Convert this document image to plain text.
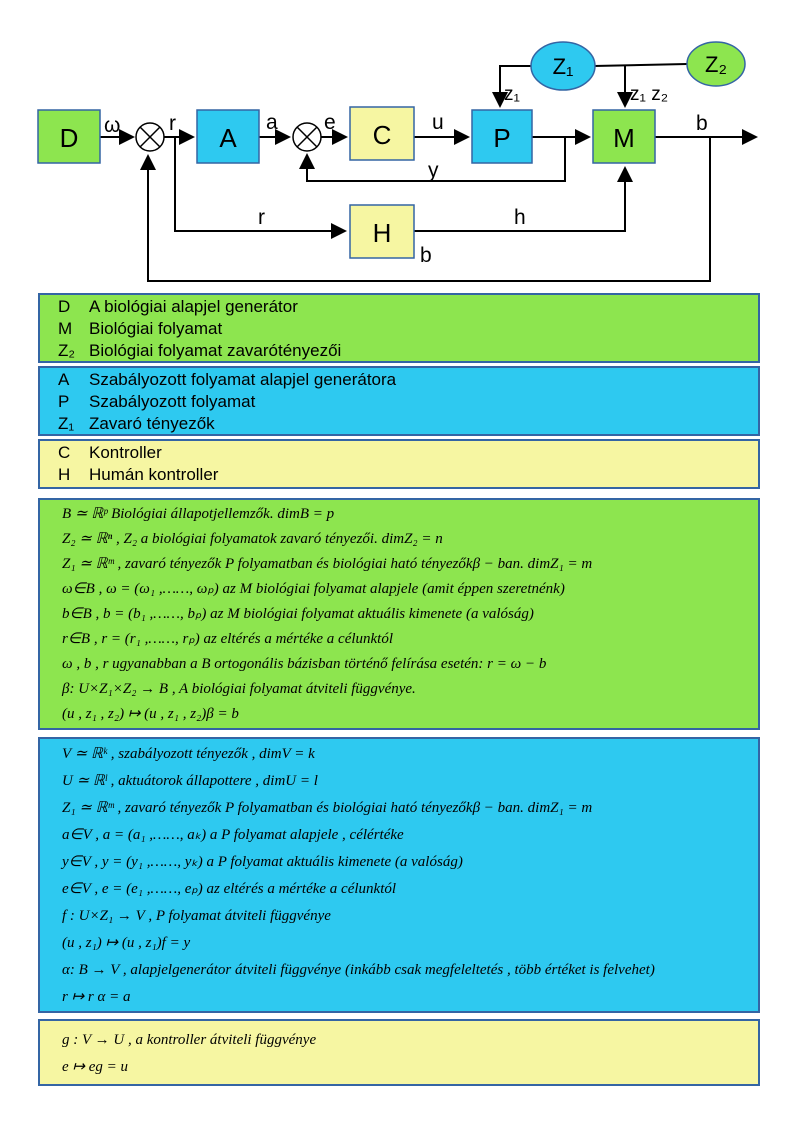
D	A	C	P	M
H
Z₁	Z₂
ω r	a e	u
y
b
z₁	z₁ z₂
r	h
b
D	A biológiai alapjel generátor
M Biológiai folyamat
Z₂ Biológiai folyamat zavarótényezői
A	Szabályozott folyamat alapjel generátora
P	Szabályozott folyamat
Z₁ Zavaró tényezők
C	Kontroller
H	Humán kontroller
B ≃ ℝᵖ Biológiai állapotjellemzők. dimB = p
Z₂ ≃ ℝⁿ , Z₂ a biológiai folyamatok zavaró tényezői. dimZ₂ = n
Z₁ ≃ ℝᵐ , zavaró tényezők P folyamatban és biológiai ható tényezőkβ − ban. dimZ₁ = m
ω∈B , ω = (ω₁ ,……, ωₚ) az M biológiai folyamat alapjele (amit éppen szeretnénk)
b∈B , b = (b₁ ,……, bₚ) az M biológiai folyamat aktuális kimenete (a valóság)
r∈B , r = (r₁ ,……, rₚ) az eltérés a mértéke a célunktól
ω , b , r ugyanabban a B ortogonális bázisban történő felírása esetén: r = ω − b
β: U×Z₁×Z₂ → B , A biológiai folyamat átviteli függvénye.
(u , z₁ , z₂) ↦ (u , z₁ , z₂)β = b
V ≃ ℝᵏ , szabályozott tényezők , dimV = k
U ≃ ℝˡ , aktuátorok állapottere , dimU = l
Z₁ ≃ ℝᵐ , zavaró tényezők P folyamatban és biológiai ható tényezőkβ − ban. dimZ₁ = m
a∈V , a = (a₁ ,……, aₖ) a P folyamat alapjele , célértéke
y∈V , y = (y₁ ,……, yₖ) a P folyamat aktuális kimenete (a valóság)
e∈V , e = (e₁ ,……, eₚ) az eltérés a mértéke a célunktól
f : U×Z₁ → V , P folyamat átviteli függvénye
(u , z₁) ↦ (u , z₁)f = y
α: B → V , alapjelgenerátor átviteli függvénye (inkább csak megfeleltetés , több értéket is felvehet)
r ↦ r α = a
g : V → U , a kontroller átviteli függvénye
e ↦ eg = u
